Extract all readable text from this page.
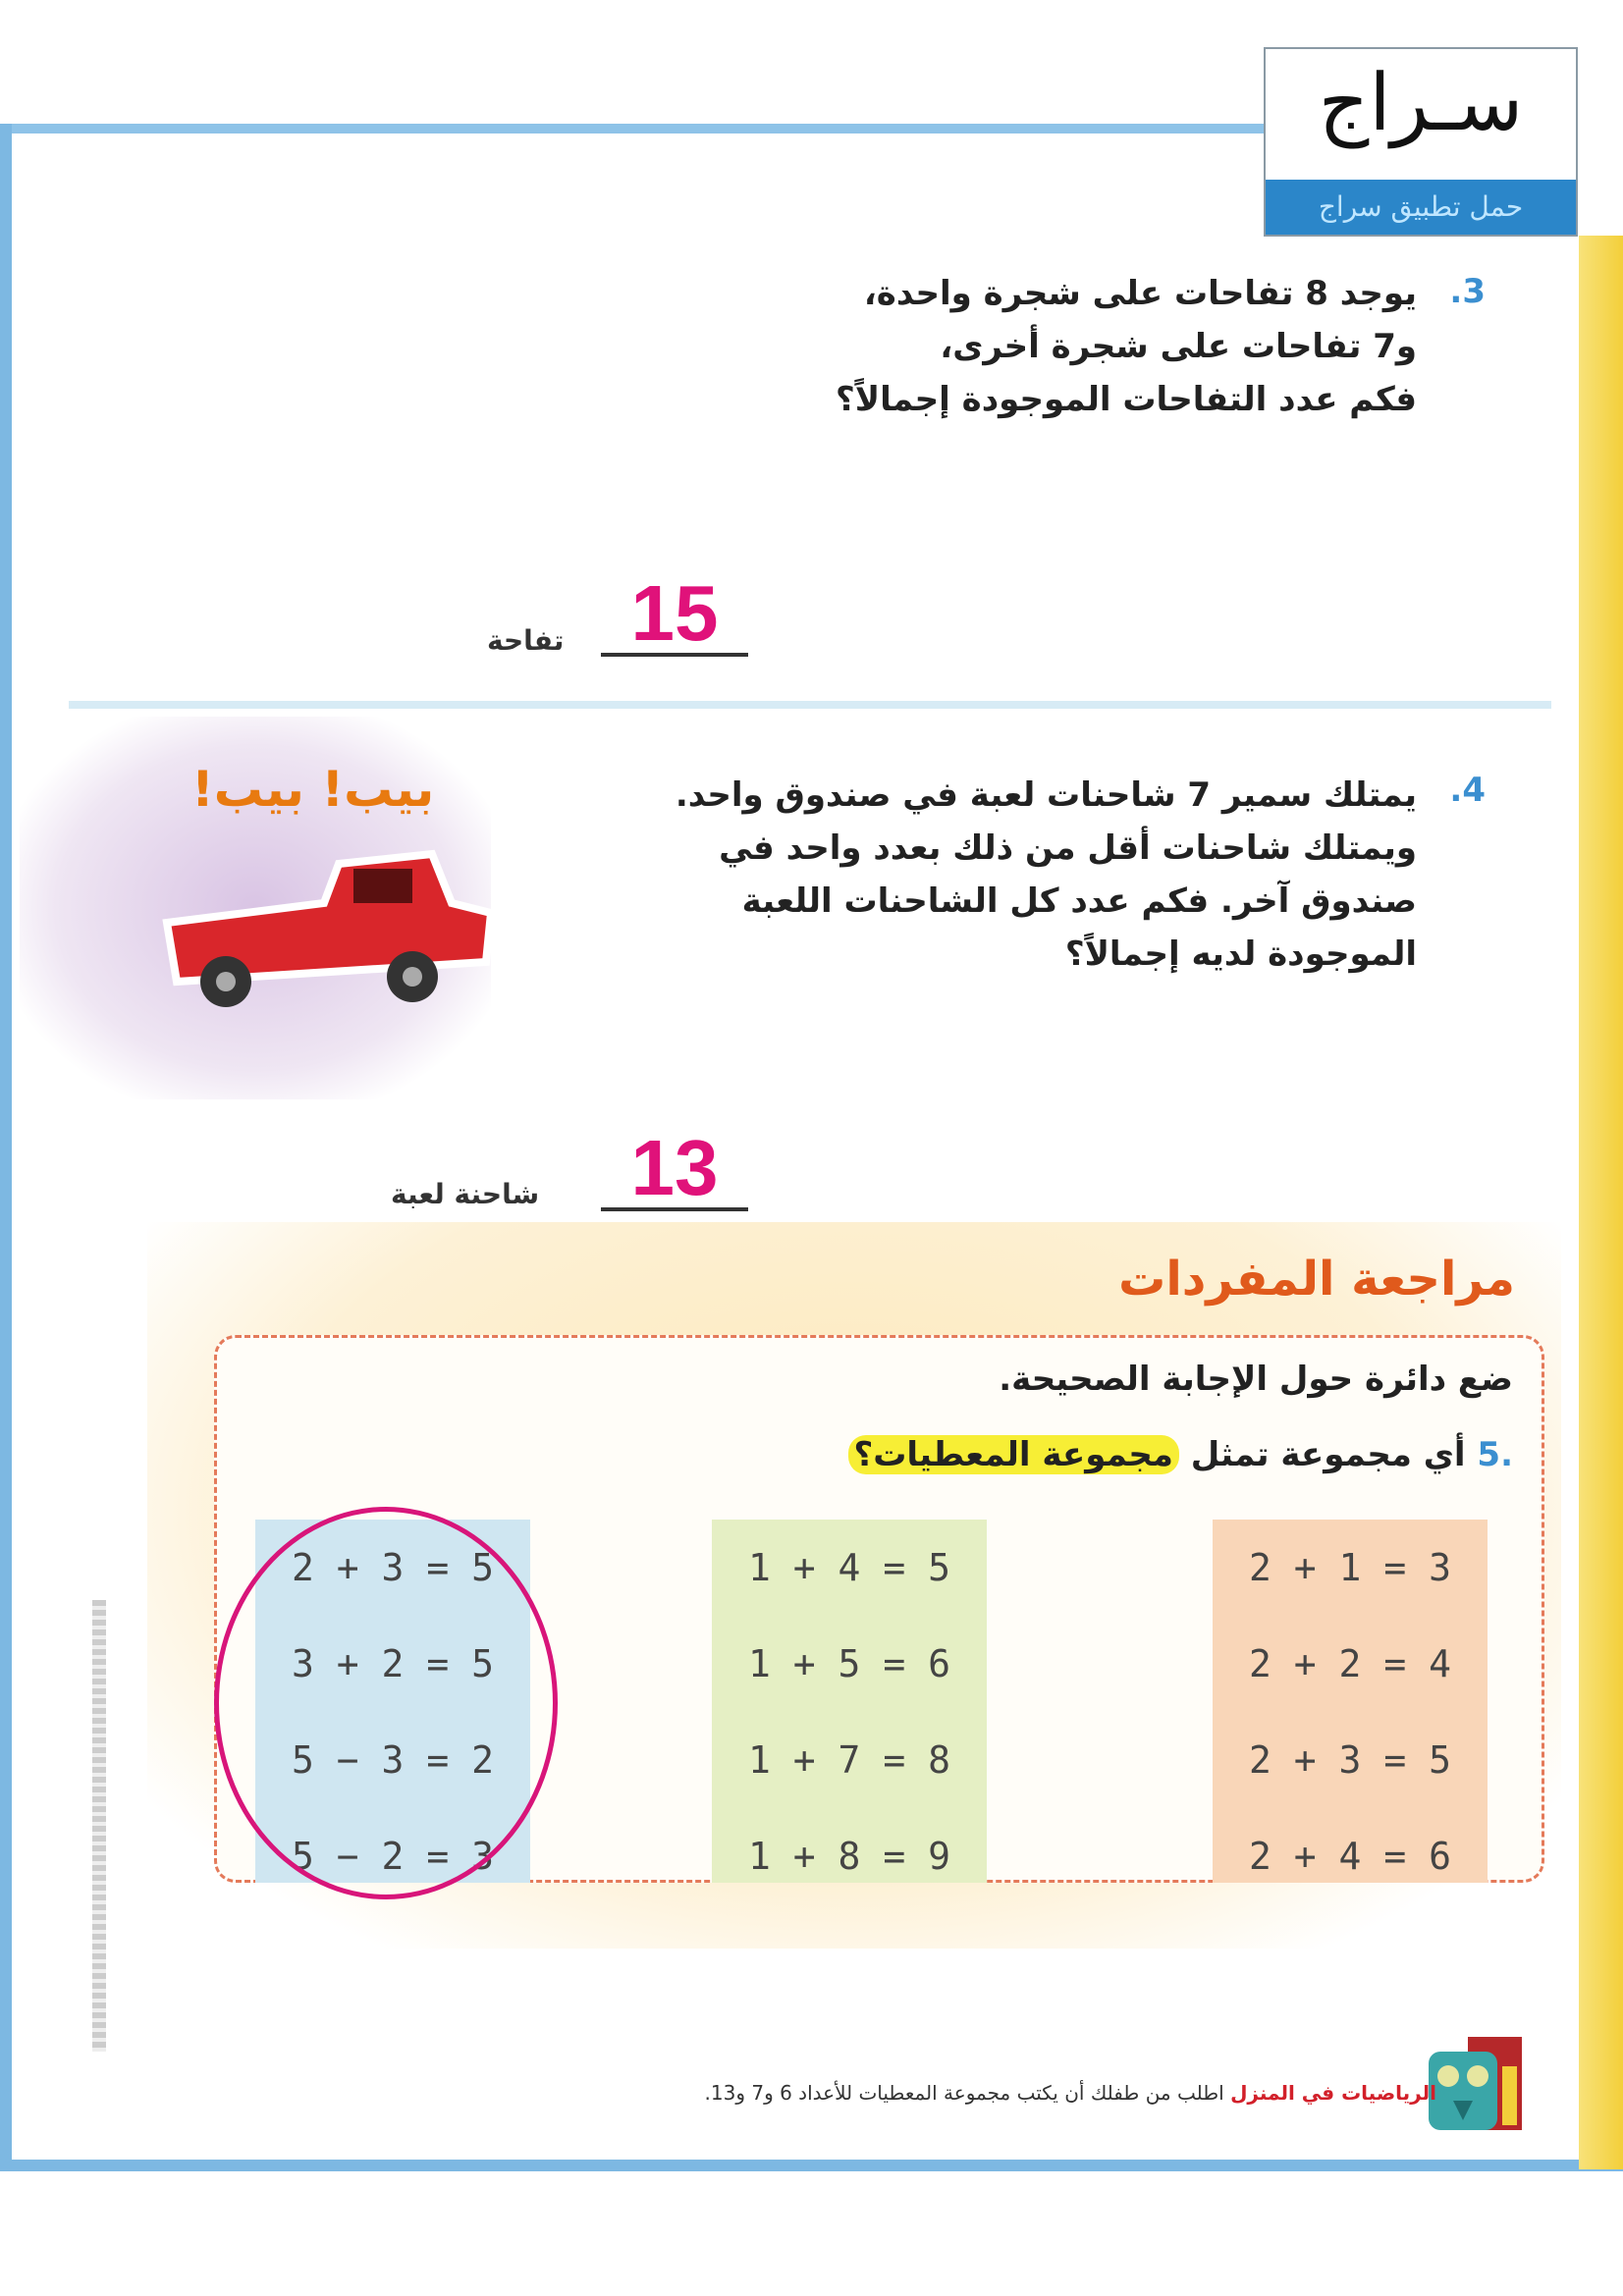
سـراج
حمل تطبيق سراج
.3
يوجد 8 تفاحات على شجرة واحدة،
و7 تفاحات على شجرة أخرى،
فكم عدد التفاحات الموجودة إجمالاً؟
15
تفاحة
بيب! بيب!	.4
يمتلك سمير 7 شاحنات لعبة في صندوق واحد.
ويمتلك شاحنات أقل من ذلك بعدد واحد في
صندوق آخر. فكم عدد كل الشاحنات اللعبة
الموجودة لديه إجمالاً؟
13
شاحنة لعبة
مراجعة المفردات
ضع دائرة حول الإجابة الصحيحة.
.5 أي مجموعة تمثل مجموعة المعطيات؟
2 + 3 = 5
3 + 2 = 5
5 − 3 = 2
5 − 2 = 3
1 + 4 = 5
1 + 5 = 6
1 + 7 = 8
1 + 8 = 9
2 + 1 = 3
2 + 2 = 4
2 + 3 = 5
2 + 4 = 6
الرياضيات في المنزل اطلب من طفلك أن يكتب مجموعة المعطيات للأعداد 6 و7 و13.
